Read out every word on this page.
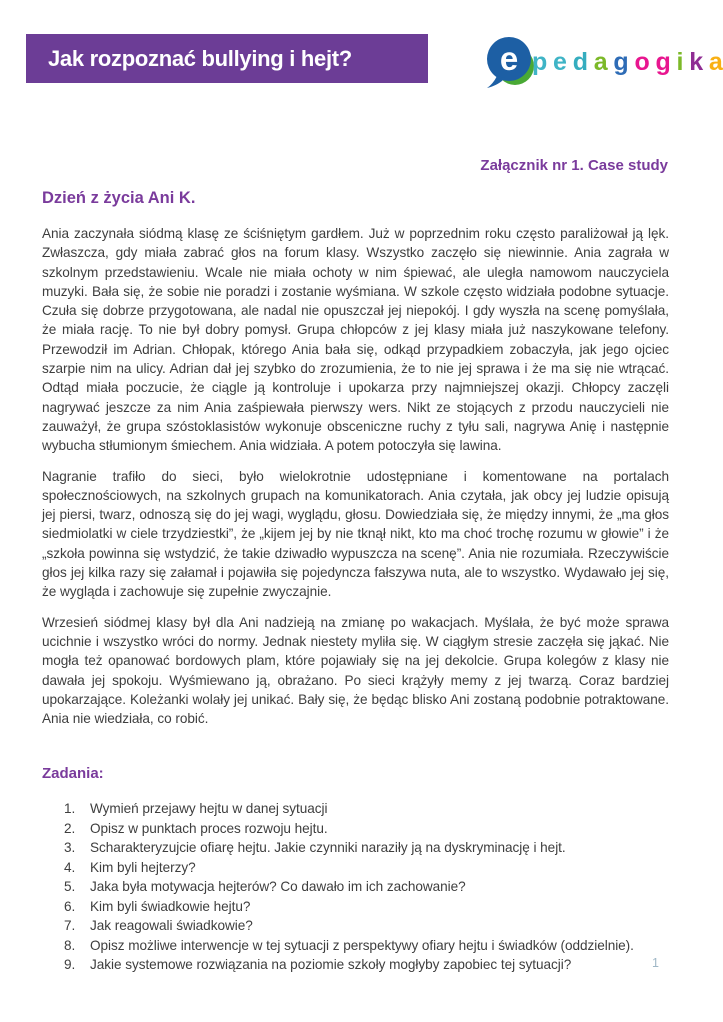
Jak rozpoznać bullying i hejt?	e p e d a g o g i k a
Załącznik nr 1. Case study
Dzień z życia Ani K.

Ania zaczynała siódmą klasę ze ściśniętym gardłem. Już w poprzednim roku często paraliżował ją lęk. Zwłaszcza, gdy miała zabrać głos na forum klasy. Wszystko zaczęło się niewinnie. Ania zagrała w szkolnym przedstawieniu. Wcale nie miała ochoty w nim śpiewać, ale uległa namowom nauczyciela muzyki. Bała się, że sobie nie poradzi i zostanie wyśmiana. W szkole często widziała podobne sytuacje. Czuła się dobrze przygotowana, ale nadal nie opuszczał jej niepokój. I gdy wyszła na scenę pomyślała, że miała rację. To nie był dobry pomysł. Grupa chłopców z jej klasy miała już naszykowane telefony. Przewodził im Adrian. Chłopak, którego Ania bała się, odkąd przypadkiem zobaczyła, jak jego ojciec szarpie nim na ulicy. Adrian dał jej szybko do zrozumienia, że to nie jej sprawa i że ma się nie wtrącać. Odtąd miała poczucie, że ciągle ją kontroluje i upokarza przy najmniejszej okazji. Chłopcy zaczęli nagrywać jeszcze za nim Ania zaśpiewała pierwszy wers. Nikt ze stojących z przodu nauczycieli nie zauważył, że grupa szóstoklasistów wykonuje obsceniczne ruchy z tyłu sali, nagrywa Anię i następnie wybucha stłumionym śmiechem. Ania widziała. A potem potoczyła się lawina.

Nagranie trafiło do sieci, było wielokrotnie udostępniane i komentowane na portalach społecznościowych, na szkolnych grupach na komunikatorach. Ania czytała, jak obcy jej ludzie opisują jej piersi, twarz, odnoszą się do jej wagi, wyglądu, głosu. Dowiedziała się, że między innymi, że „ma głos siedmiolatki w ciele trzydziestki”, że „kijem jej by nie tknął nikt, kto ma choć trochę rozumu w głowie” i że „szkoła powinna się wstydzić, że takie dziwadło wypuszcza na scenę”. Ania nie rozumiała. Rzeczywiście głos jej kilka razy się załamał i pojawiła się pojedyncza fałszywa nuta, ale to wszystko. Wydawało jej się, że wygląda i zachowuje się zupełnie zwyczajnie.

Wrzesień siódmej klasy był dla Ani nadzieją na zmianę po wakacjach. Myślała, że być może sprawa ucichnie i wszystko wróci do normy. Jednak niestety myliła się. W ciągłym stresie zaczęła się jąkać. Nie mogła też opanować bordowych plam, które pojawiały się na jej dekolcie. Grupa kolegów z klasy nie dawała jej spokoju. Wyśmiewano ją, obrażano. Po sieci krążyły memy z jej twarzą. Coraz bardziej upokarzające. Koleżanki wolały jej unikać. Bały się, że będąc blisko Ani zostaną podobnie potraktowane. Ania nie wiedziała, co robić.

Zadania:
Wymień przejawy hejtu w danej sytuacji
Opisz w punktach proces rozwoju hejtu.
Scharakteryzujcie ofiarę hejtu. Jakie czynniki naraziły ją na dyskryminację i hejt.
Kim byli hejterzy?
Jaka była motywacja hejterów? Co dawało im ich zachowanie?
Kim byli świadkowie hejtu?
Jak reagowali świadkowie?
Opisz możliwe interwencje w tej sytuacji z perspektywy ofiary hejtu i świadków (oddzielnie).
Jakie systemowe rozwiązania na poziomie szkoły mogłyby zapobiec tej sytuacji?	1
